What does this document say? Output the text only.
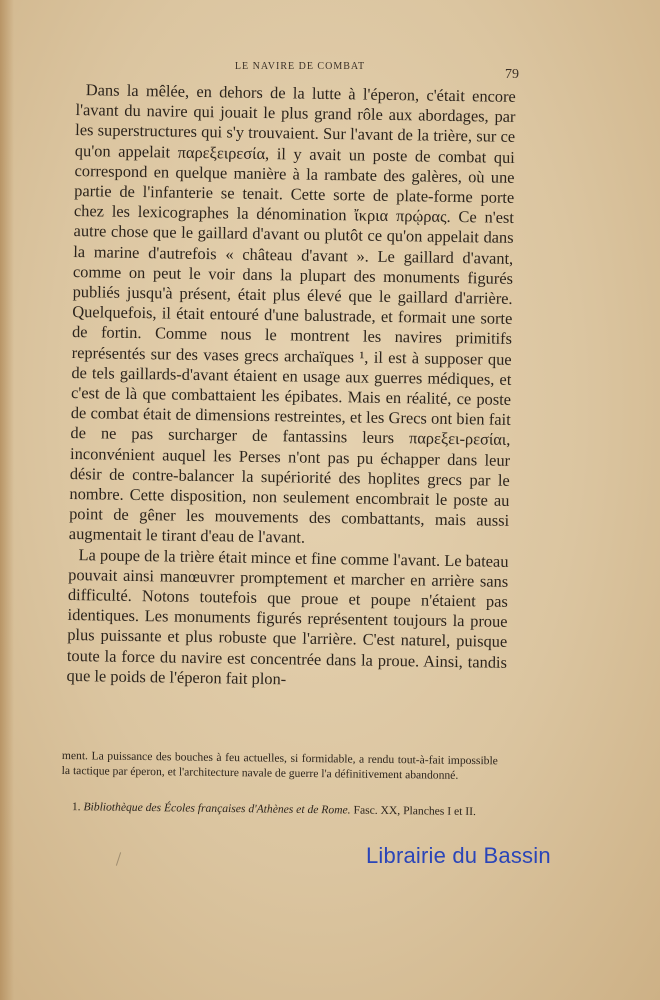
LE NAVIRE DE COMBAT
79

Dans la mêlée, en dehors de la lutte à l'éperon, c'était encore l'avant du navire qui jouait le plus grand rôle aux abordages, par les superstructures qui s'y trouvaient. Sur l'avant de la trière, sur ce qu'on appelait παρεξειρεσία, il y avait un poste de combat qui correspond en quelque manière à la rambate des galères, où une partie de l'infanterie se tenait. Cette sorte de plate-forme porte chez les lexicographes la dénomination ἴκρια πρῴρας. Ce n'est autre chose que le gaillard d'avant ou plutôt ce qu'on appelait dans la marine d'autrefois « château d'avant ». Le gaillard d'avant, comme on peut le voir dans la plupart des monuments figurés publiés jusqu'à présent, était plus élevé que le gaillard d'arrière. Quelquefois, il était entouré d'une balustrade, et formait une sorte de fortin. Comme nous le montrent les navires primitifs représentés sur des vases grecs archaïques ¹, il est à supposer que de tels gaillards-d'avant étaient en usage aux guerres médiques, et c'est de là que combattaient les épibates. Mais en réalité, ce poste de combat était de dimensions restreintes, et les Grecs ont bien fait de ne pas surcharger de fantassins leurs παρεξει-ρεσίαι, inconvénient auquel les Perses n'ont pas pu échapper dans leur désir de contre-balancer la supériorité des hoplites grecs par le nombre. Cette disposition, non seulement encombrait le poste au point de gêner les mouvements des combattants, mais aussi augmentait le tirant d'eau de l'avant.

La poupe de la trière était mince et fine comme l'avant. Le bateau pouvait ainsi manœuvrer promptement et marcher en arrière sans difficulté. Notons toutefois que proue et poupe n'étaient pas identiques. Les monuments figurés représentent toujours la proue plus puissante et plus robuste que l'arrière. C'est naturel, puisque toute la force du navire est concentrée dans la proue. Ainsi, tandis que le poids de l'éperon fait plon-

ment. La puissance des bouches à feu actuelles, si formidable, a rendu tout-à-fait impossible la tactique par éperon, et l'architecture navale de guerre l'a définitivement abandonné.
1. Bibliothèque des Écoles françaises d'Athènes et de Rome. Fasc. XX, Planches I et II.
Librairie du Bassin
